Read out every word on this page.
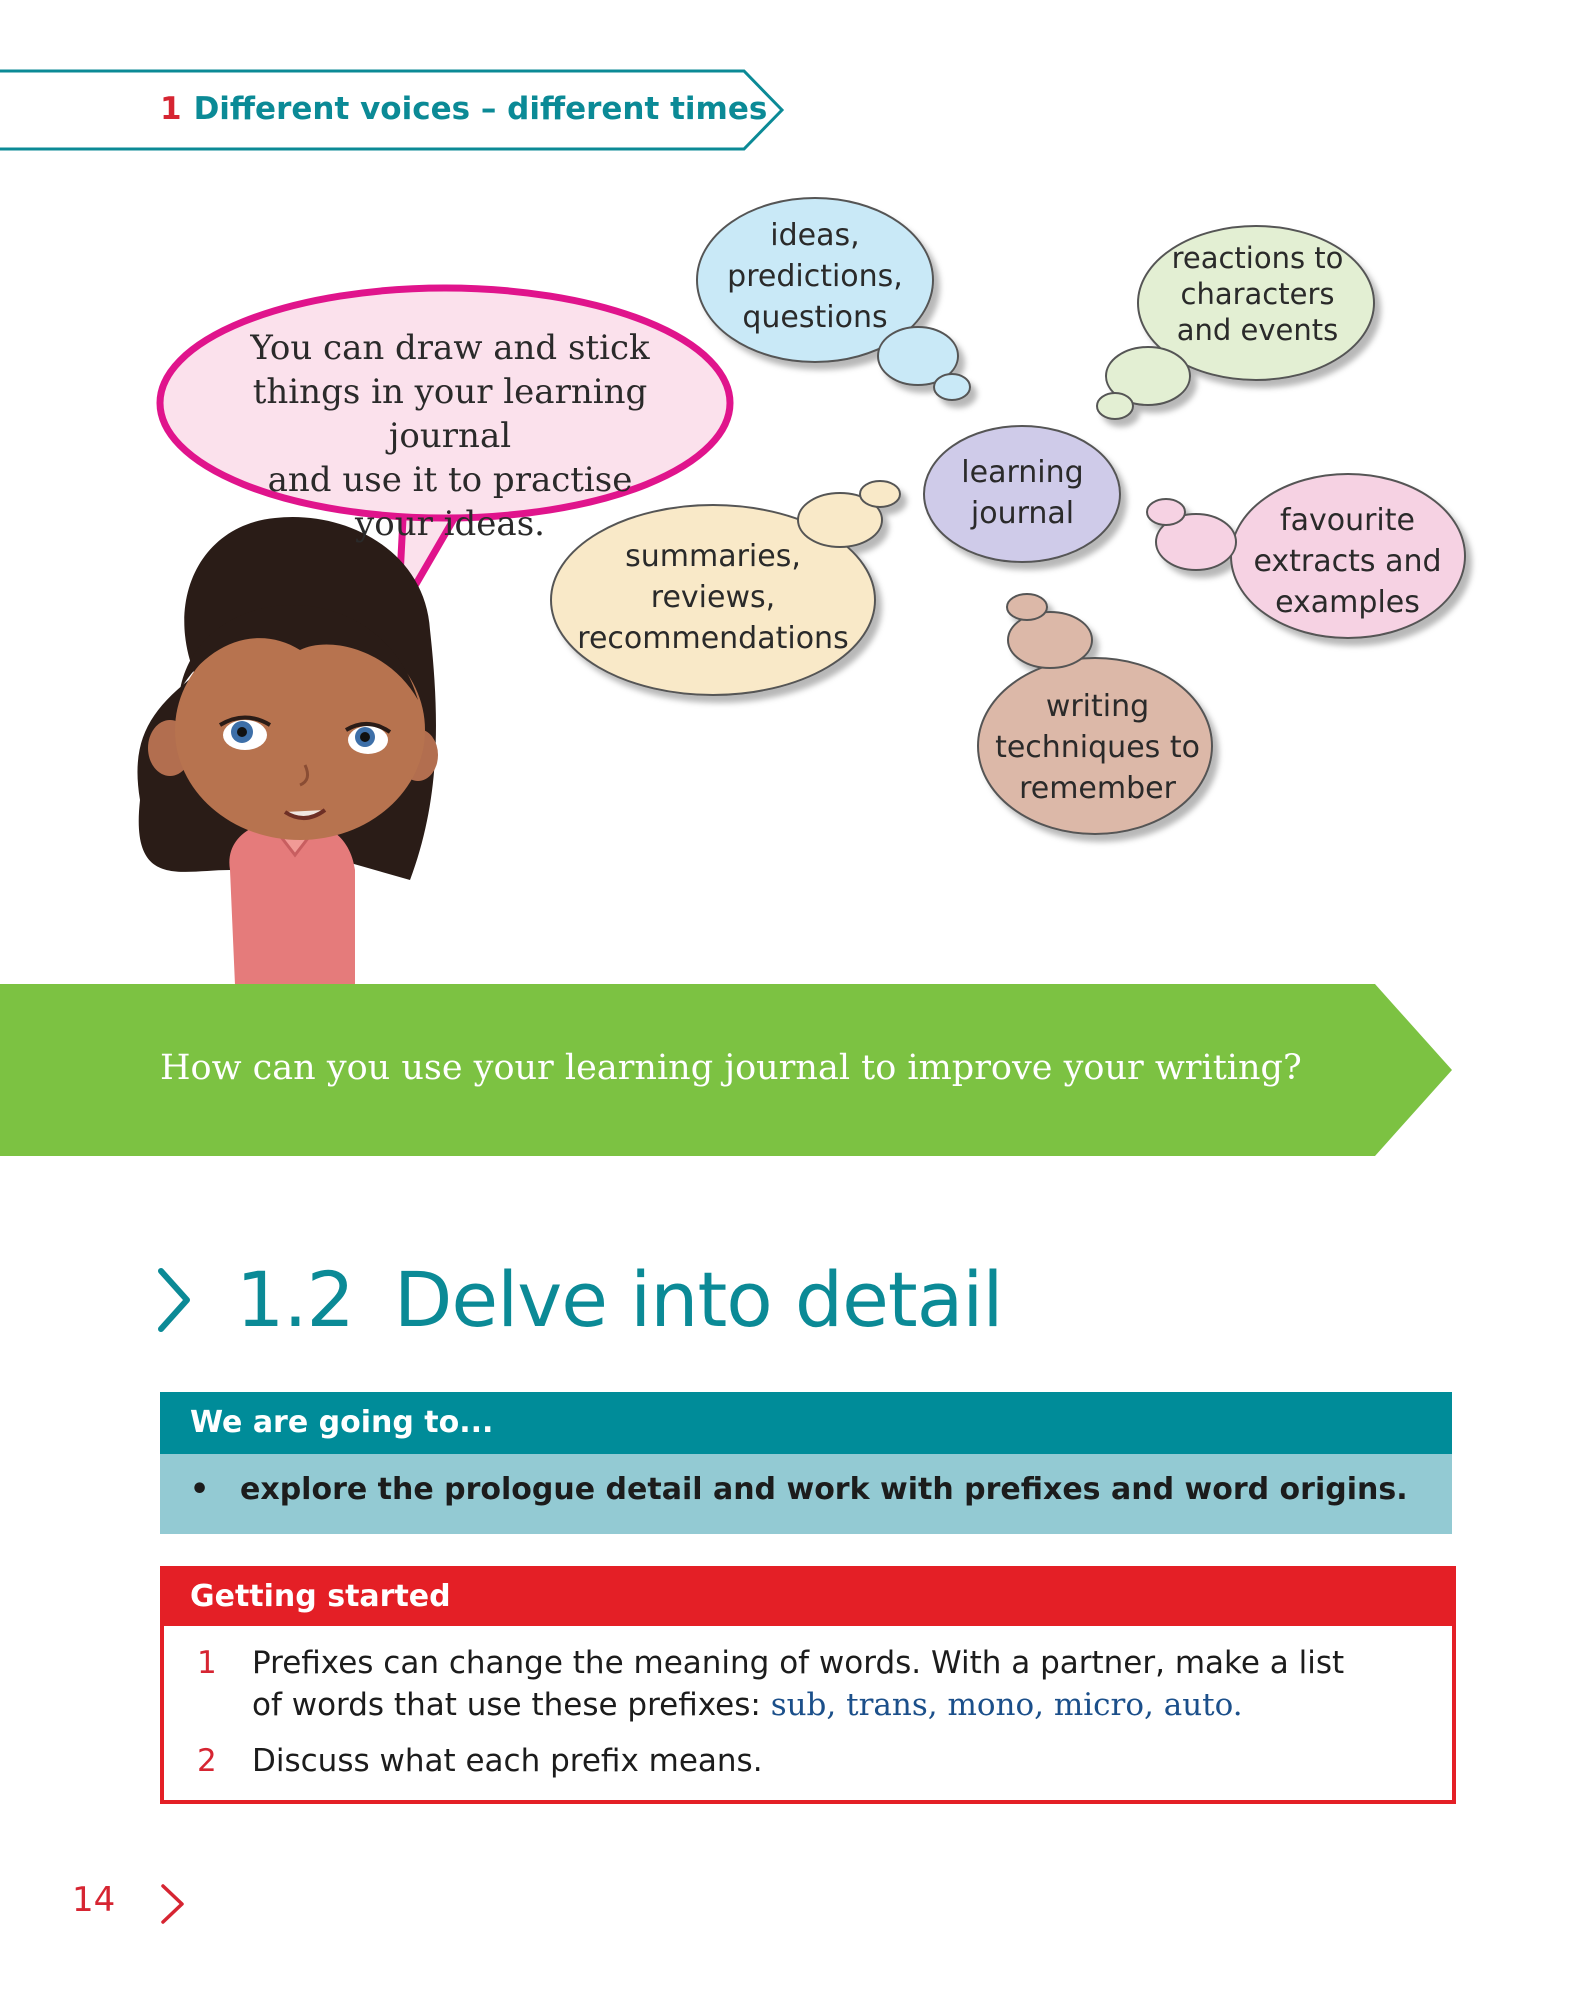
1 Different voices – different times
You can draw and stick
things in your learning journal
and use it to practise
your ideas.
ideas,
predictions,
questions
reactions to
characters
and events
learning
journal	favourite
extracts and
examples
writing
techniques to
remember
summaries,
reviews,
recommendations
How can you use your learning journal to improve your writing?
1.2 Delve into detail
We are going to...
• explore the prologue detail and work with prefixes and word origins.
Getting started
1 Prefixes can change the meaning of words. With a partner, make a list
of words that use these prefixes: sub, trans, mono, micro, auto.
2 Discuss what each prefix means.
14
